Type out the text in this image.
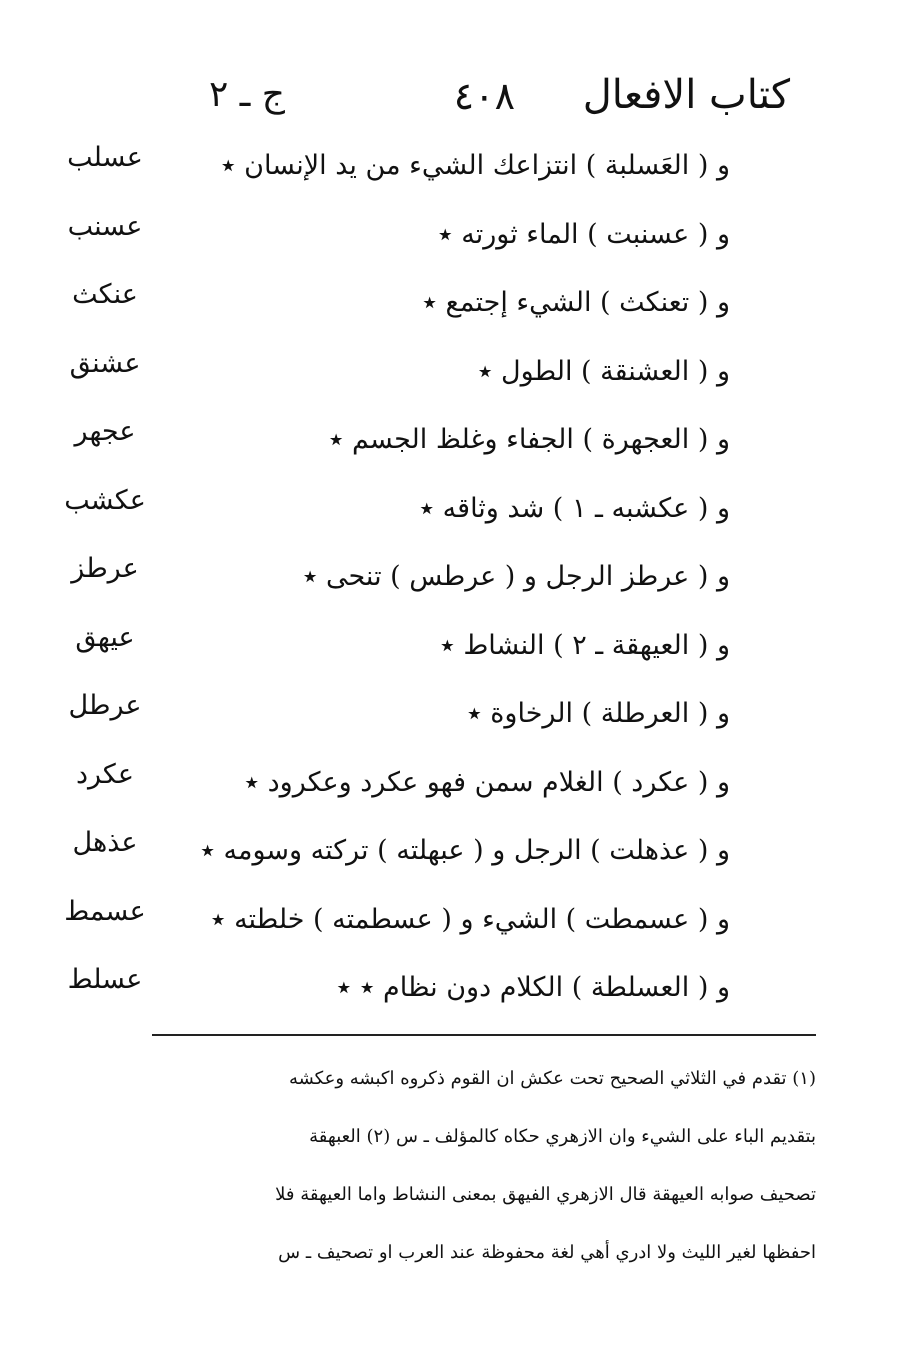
كتاب الافعال
٤٠٨
ج ـ ٢
و ( العَسلبة ) انتزاعك الشيء من يد الإنسان ٭
و ( عسنبت ) الماء ثورته ٭
و ( تعنكث ) الشيء إجتمع ٭
و ( العشنقة ) الطول ٭
و ( العجهرة ) الجفاء وغلظ الجسم ٭
و ( عكشبه ـ ١ ) شد وثاقه ٭
و ( عرطز الرجل و ( عرطس ) تنحى ٭
و ( العيهقة ـ ٢ ) النشاط ٭
و ( العرطلة ) الرخاوة ٭
و ( عكرد ) الغلام سمن فهو عكرد وعكرود ٭
و ( عذهلت ) الرجل و ( عبهلته ) تركته وسومه ٭
و ( عسمطت ) الشيء و ( عسطمته ) خلطته ٭
و ( العسلطة ) الكلام دون نظام ٭ ٭
عسلب
عسنب
عنكث
عشنق
عجهر
عكشب
عرطز
عيهق
عرطل
عكرد
عذهل
عسمط
عسلط
(١) تقدم في الثلاثي الصحيح تحت عكش ان القوم ذكروه اكبشه وعكشه
بتقديم الباء على الشيء وان الازهري حكاه كالمؤلف ـ س (٢) العبهقة
تصحيف صوابه العيهقة قال الازهري الفيهق بمعنى النشاط واما العيهقة فلا
احفظها لغير الليث ولا ادري أهي لغة محفوظة عند العرب او تصحيف ـ س
